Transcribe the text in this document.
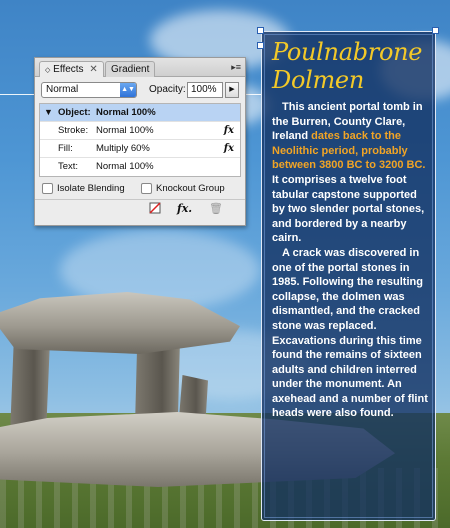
Poulnabrone Dolmen

This ancient portal tomb in the Burren, County Clare, Ireland dates back to the Neolithic period, probably between 3800 BC to 3200 BC. It comprises a twelve foot tabular capstone supported by two slender portal stones, and bordered by a nearby cairn.

A crack was discovered in one of the portal stones in 1985. Following the resulting collapse, the dolmen was dismantled, and the cracked stone was replaced. Excavations during this time found the remains of sixteen adults and children interred under the monument. An axehead and a number of flint heads were also found.

◇ Effects ✕	Gradient	▸≡
Normal	▲▼ Opacity: 100%	▶
▼ Object: Normal 100%
Stroke: Normal 100%	fx
Fill: Multiply 60%	fx
Text: Normal 100%
Isolate Blending	Knockout Group
fx. 🗑
